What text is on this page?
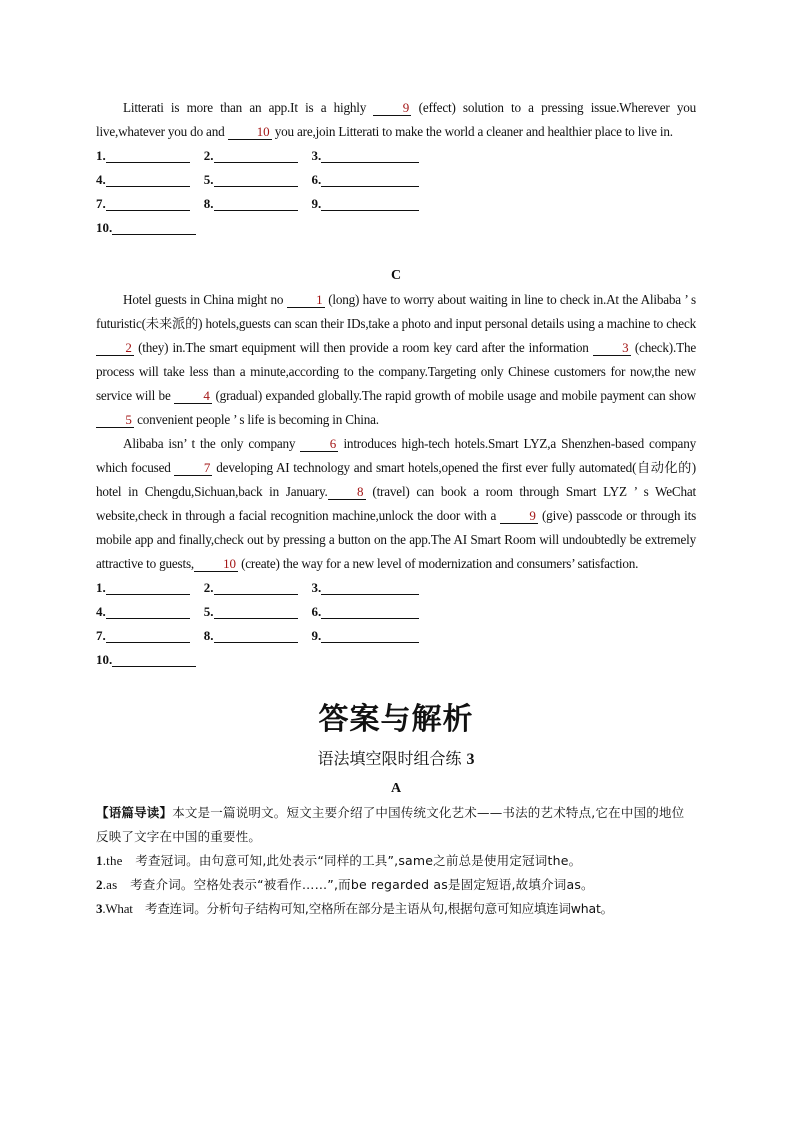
Litterati is more than an app.It is a highly 9 (effect) solution to a pressing issue.Wherever you live,whatever you do and 10 you are,join Litterati to make the world a cleaner and healthier place to live in.

1.	2.	3.
4.	5.	6.
7.	8.	9.
10.

C

Hotel guests in China might no 1 (long) have to worry about waiting in line to check in.At the Alibaba ’ s futuristic(未来派的) hotels,guests can scan their IDs,take a photo and input personal details using a machine to check 2 (they) in.The smart equipment will then provide a room key card after the information 3 (check).The process will take less than a minute,according to the company.Targeting only Chinese customers for now,the new service will be 4 (gradual) expanded globally.The rapid growth of mobile usage and mobile payment can show 5 convenient people ’ s life is becoming in China.

Alibaba isn’ t the only company 6 introduces high-tech hotels.Smart LYZ,a Shenzhen-based company which focused 7 developing AI technology and smart hotels,opened the first ever fully automated(自动化的) hotel in Chengdu,Sichuan,back in January. 8 (travel) can book a room through Smart LYZ ’ s WeChat website,check in through a facial recognition machine,unlock the door with a 9 (give) passcode or through its mobile app and finally,check out by pressing a button on the app.The AI Smart Room will undoubtedly be extremely attractive to guests, 10 (create) the way for a new level of modernization and consumers’ satisfaction.

1.	2.	3.
4.	5.	6.
7.	8.	9.
10.

答案与解析

语法填空限时组合练 3

A

【语篇导读】本文是一篇说明文。短文主要介绍了中国传统文化艺术——书法的艺术特点,它在中国的地位反映了文字在中国的重要性。

1.the　考查冠词。由句意可知,此处表示“同样的工具”,same之前总是使用定冠词the。

2.as　考查介词。空格处表示“被看作……”,而be regarded as是固定短语,故填介词as。

3.What　考查连词。分析句子结构可知,空格所在部分是主语从句,根据句意可知应填连词what。
